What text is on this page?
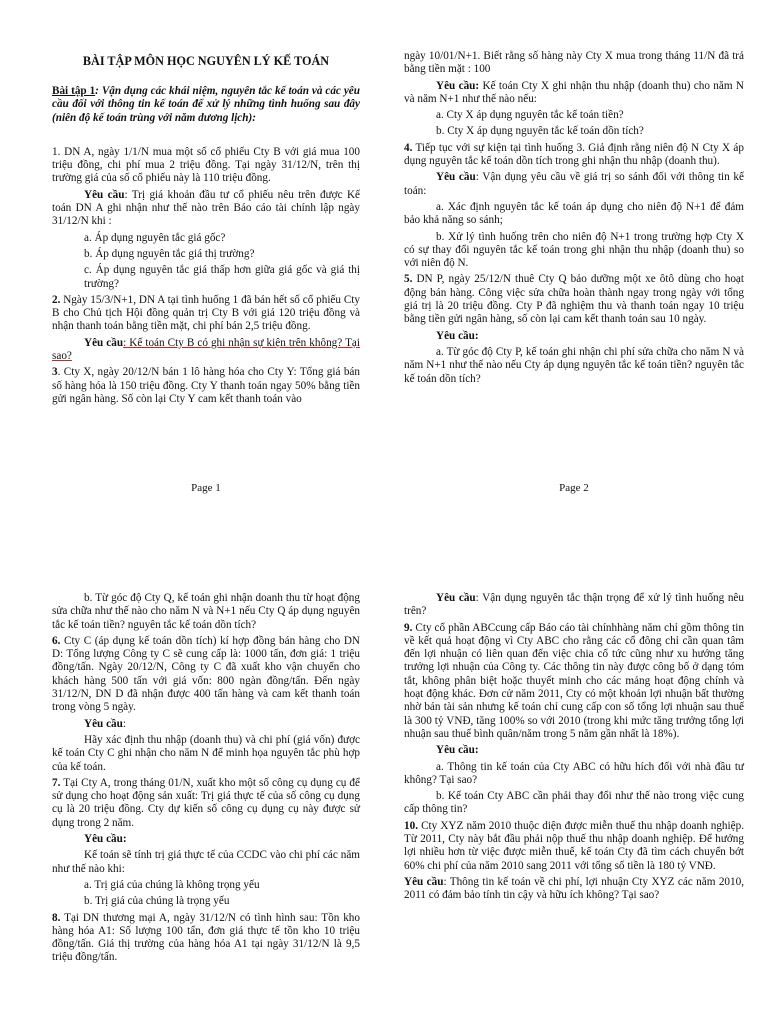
BÀI TẬP MÔN HỌC NGUYÊN LÝ KẾ TOÁN

Bài tập 1: Vận dụng các khái niệm, nguyên tắc kế toán và các yêu cầu đối với thông tin kế toán để xử lý những tình huống sau đây (niên độ kế toán trùng với năm dương lịch):

1. DN A, ngày 1/1/N mua một số cổ phiếu Cty B với giá mua 100 triệu đồng, chi phí mua 2 triệu đồng. Tại ngày 31/12/N, trên thị trường giá của số cổ phiếu này là 110 triệu đồng.

Yêu cầu: Trị giá khoản đầu tư cổ phiếu nêu trên được Kế toán DN A ghi nhận như thế nào trên Báo cáo tài chính lập ngày 31/12/N khi :

a. Áp dụng nguyên tắc giá gốc?

b. Áp dụng nguyên tắc giá thị trường?

c. Áp dụng nguyên tắc giá thấp hơn giữa giá gốc và giá thị trường?

2. Ngày 15/3/N+1, DN A tại tình huống 1 đã bán hết số cổ phiếu Cty B cho Chủ tịch Hội đồng quản trị Cty B với giá 120 triệu đồng và nhận thanh toán bằng tiền mặt, chi phí bán 2,5 triệu đồng.

Yêu cầu: Kế toán Cty B có ghi nhận sự kiện trên không? Tại sao?

3. Cty X, ngày 20/12/N bán 1 lô hàng hóa cho Cty Y: Tổng giá bán số hàng hóa là 150 triệu đồng. Cty Y thanh toán ngay 50% bằng tiền gửi ngân hàng. Số còn lại Cty Y cam kết thanh toán vào

Page 1

ngày 10/01/N+1. Biết rằng số hàng này Cty X mua trong tháng 11/N đã trả bằng tiền mặt : 100

Yêu cầu: Kế toán Cty X ghi nhận thu nhập (doanh thu) cho năm N và năm N+1 như thế nào nếu:

a. Cty X áp dụng nguyên tắc kế toán tiền?

b. Cty X áp dụng nguyên tắc kế toán dồn tích?

4. Tiếp tục với sự kiện tại tình huống 3. Giả định rằng niên độ N Cty X áp dụng nguyên tắc kế toán dồn tích trong ghi nhận thu nhập (doanh thu).

Yêu cầu: Vận dụng yêu cầu về giá trị so sánh đối với thông tin kế toán:

a. Xác định nguyên tắc kế toán áp dụng cho niên độ N+1 để đảm bảo khả năng so sánh;

b. Xử lý tình huống trên cho niên độ N+1 trong trường hợp Cty X có sự thay đổi nguyên tắc kế toán trong ghi nhận thu nhập (doanh thu) so với niên độ N.

5. DN P, ngày 25/12/N thuê Cty Q bảo dưỡng một xe ôtô dùng cho hoạt động bán hàng. Công việc sửa chữa hoàn thành ngay trong ngày với tổng giá trị là 20 triệu đồng. Cty P đã nghiệm thu và thanh toán ngay 10 triệu bằng tiền gửi ngân hàng, số còn lại cam kết thanh toán sau 10 ngày.

Yêu cầu:

a. Từ góc độ Cty P, kế toán ghi nhận chi phí sửa chữa cho năm N và năm N+1 như thế nào nếu Cty áp dụng nguyên tắc kế toán tiền? nguyên tắc kế toán dồn tích?

Page 2

b. Từ góc độ Cty Q, kế toán ghi nhận doanh thu từ hoạt động sửa chữa như thế nào cho năm N và N+1 nếu Cty Q áp dụng nguyên tắc kế toán tiền? nguyên tắc kế toán dồn tích?

6. Cty C (áp dụng kế toán dồn tích) kí hợp đồng bán hàng cho DN D: Tổng lượng Công ty C sẽ cung cấp là: 1000 tấn, đơn giá: 1 triệu đồng/tấn. Ngày 20/12/N, Công ty C đã xuất kho vận chuyển cho khách hàng 500 tấn với giá vốn: 800 ngàn đồng/tấn. Đến ngày 31/12/N, DN D đã nhận được 400 tấn hàng và cam kết thanh toán trong vòng 5 ngày.

Yêu cầu:

Hãy xác định thu nhập (doanh thu) và chi phí (giá vốn) được kế toán Cty C ghi nhận cho năm N để minh họa nguyên tắc phù hợp của kế toán.

7. Tại Cty A, trong tháng 01/N, xuất kho một số công cụ dụng cụ để sử dụng cho hoạt động sản xuất: Trị giá thực tế của số công cụ dụng cụ là 20 triệu đồng. Cty dự kiến số công cụ dụng cụ này được sử dụng trong 2 năm.

Yêu cầu:

Kế toán sẽ tính trị giá thực tế của CCDC vào chi phí các năm như thế nào khi:

a. Trị giá của chúng là không trọng yếu

b. Trị giá của chúng là trọng yếu

8. Tại DN thương mại A, ngày 31/12/N có tình hình sau: Tồn kho hàng hóa A1: Số lượng 100 tấn, đơn giá thực tế tồn kho 10 triệu đồng/tấn. Giá thị trường của hàng hóa A1 tại ngày 31/12/N là 9,5 triệu đồng/tấn.

Yêu cầu: Vận dụng nguyên tắc thận trọng để xử lý tình huống nêu trên?

9. Cty cổ phần ABCcung cấp Báo cáo tài chínhhàng năm chỉ gồm thông tin về kết quả hoạt động vì Cty ABC cho rằng các cổ đông chỉ cần quan tâm đến lợi nhuận có liên quan đến việc chia cổ tức cũng như xu hướng tăng trưởng lợi nhuận của Công ty. Các thông tin này được công bố ở dạng tóm tắt, không phân biệt hoặc thuyết minh cho các mảng hoạt động chính và hoạt động khác. Đơn cử năm 2011, Cty có một khoản lợi nhuận bất thường nhờ bán tài sản nhưng kế toán chỉ cung cấp con số tổng lợi nhuận sau thuế là 300 tỷ VNĐ, tăng 100% so với 2010 (trong khi mức tăng trưởng tổng lợi nhuận sau thuế bình quân/năm trong 5 năm gần nhất là 18%).

Yêu cầu:

a. Thông tin kế toán của Cty ABC có hữu hích đối với nhà đầu tư không? Tại sao?

b. Kế toán Cty ABC cần phải thay đổi như thế nào trong việc cung cấp thông tin?

10. Cty XYZ năm 2010 thuộc diện được miễn thuế thu nhập doanh nghiệp. Từ 2011, Cty này bắt đầu phải nộp thuế thu nhập doanh nghiệp. Để hưởng lợi nhiều hơn từ việc được miễn thuế, kế toán Cty đã tìm cách chuyển bớt 60% chi phí của năm 2010 sang 2011 với tổng số tiền là 180 tỷ VNĐ.

Yêu cầu: Thông tin kế toán về chi phí, lợi nhuận Cty XYZ các năm 2010, 2011 có đảm bảo tính tin cậy và hữu ích không? Tại sao?
